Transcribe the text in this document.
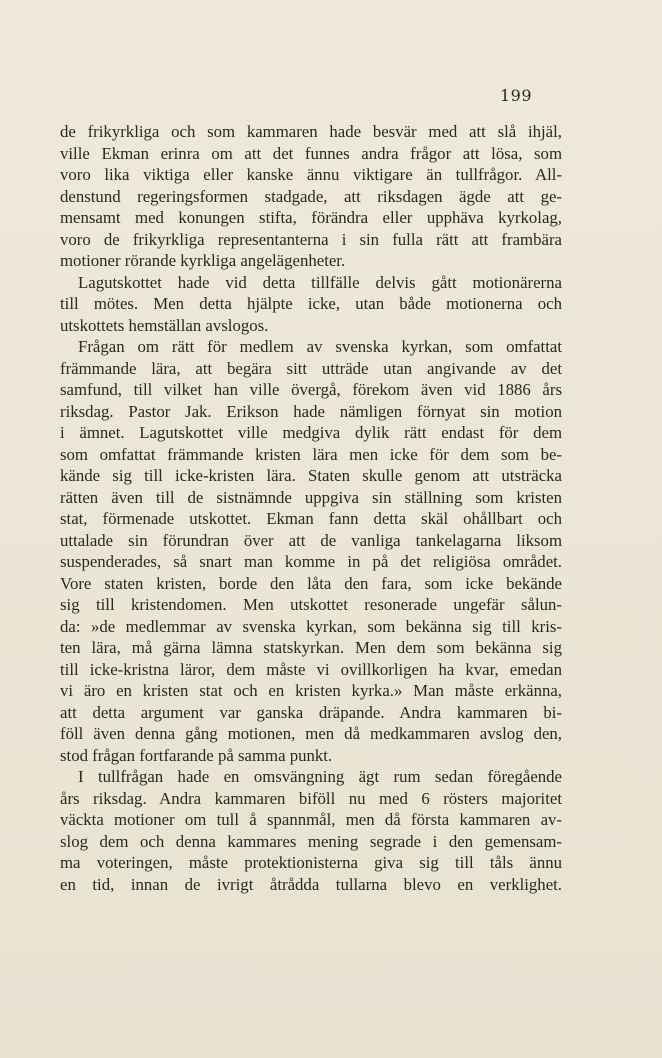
199
de frikyrkliga och som kammaren hade besvär med att slå ihjäl,
ville Ekman erinra om att det funnes andra frågor att lösa, som
voro lika viktiga eller kanske ännu viktigare än tullfrågor. All-
denstund regeringsformen stadgade, att riksdagen ägde att ge-
mensamt med konungen stifta, förändra eller upphäva kyrkolag,
voro de frikyrkliga representanterna i sin fulla rätt att frambära
motioner rörande kyrkliga angelägenheter.
Lagutskottet hade vid detta tillfälle delvis gått motionärerna
till mötes. Men detta hjälpte icke, utan både motionerna och
utskottets hemställan avslogos.
Frågan om rätt för medlem av svenska kyrkan, som omfattat
främmande lära, att begära sitt utträde utan angivande av det
samfund, till vilket han ville övergå, förekom även vid 1886 års
riksdag. Pastor Jak. Erikson hade nämligen förnyat sin motion
i ämnet. Lagutskottet ville medgiva dylik rätt endast för dem
som omfattat främmande kristen lära men icke för dem som be-
kände sig till icke-kristen lära. Staten skulle genom att utsträcka
rätten även till de sistnämnde uppgiva sin ställning som kristen
stat, förmenade utskottet. Ekman fann detta skäl ohållbart och
uttalade sin förundran över att de vanliga tankelagarna liksom
suspenderades, så snart man komme in på det religiösa området.
Vore staten kristen, borde den låta den fara, som icke bekände
sig till kristendomen. Men utskottet resonerade ungefär sålun-
da: »de medlemmar av svenska kyrkan, som bekänna sig till kris-
ten lära, må gärna lämna statskyrkan. Men dem som bekänna sig
till icke-kristna läror, dem måste vi ovillkorligen ha kvar, emedan
vi äro en kristen stat och en kristen kyrka.» Man måste erkänna,
att detta argument var ganska dräpande. Andra kammaren bi-
föll även denna gång motionen, men då medkammaren avslog den,
stod frågan fortfarande på samma punkt.
I tullfrågan hade en omsvängning ägt rum sedan föregående
års riksdag. Andra kammaren biföll nu med 6 rösters majoritet
väckta motioner om tull å spannmål, men då första kammaren av-
slog dem och denna kammares mening segrade i den gemensam-
ma voteringen, måste protektionisterna giva sig till tåls ännu
en tid, innan de ivrigt åtrådda tullarna blevo en verklighet.
